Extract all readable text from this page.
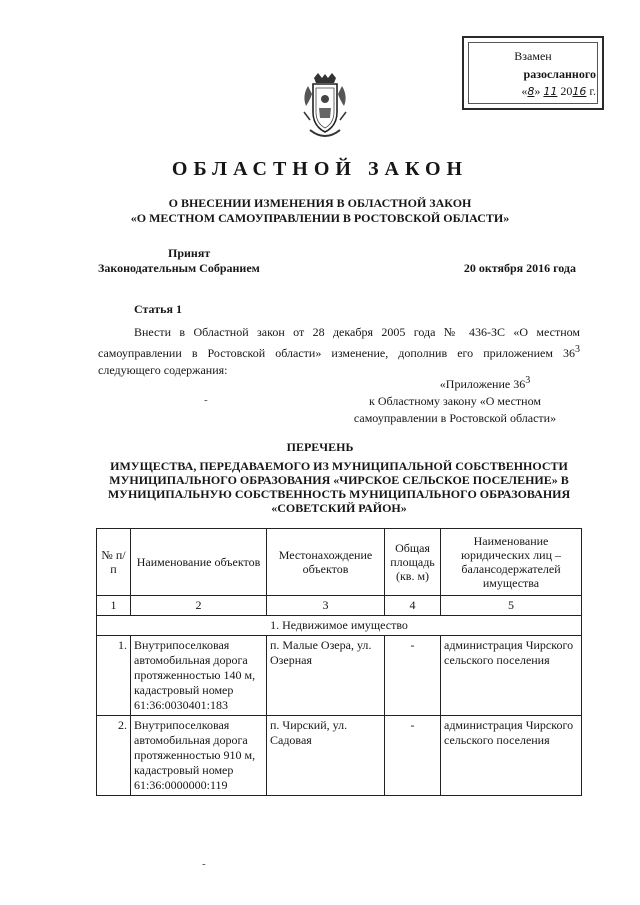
Взамен
разосланного
«8» 11 2016 г.
ОБЛАСТНОЙ ЗАКОН
О ВНЕСЕНИИ ИЗМЕНЕНИЯ В ОБЛАСТНОЙ ЗАКОН
«О МЕСТНОМ САМОУПРАВЛЕНИИ В РОСТОВСКОЙ ОБЛАСТИ»
Принят
Законодательным Собранием	20 октября 2016 года
Статья 1

Внести в Областной закон от 28 декабря 2005 года № 436-ЗС «О местном самоуправлении в Ростовской области» изменение, дополнив его приложением $36^3$ следующего содержания:

«Приложение $36^3$
к Областному закону «О местном
самоуправлении в Ростовской области»
-
ПЕРЕЧЕНЬ
ИМУЩЕСТВА, ПЕРЕДАВАЕМОГО ИЗ МУНИЦИПАЛЬНОЙ СОБСТВЕННОСТИ МУНИЦИПАЛЬНОГО ОБРАЗОВАНИЯ «ЧИРСКОЕ СЕЛЬСКОЕ ПОСЕЛЕНИЕ» В МУНИЦИПАЛЬНУЮ СОБСТВЕННОСТЬ МУНИЦИПАЛЬНОГО ОБРАЗОВАНИЯ «СОВЕТСКИЙ РАЙОН»
№ п/п	Наименование объектов	Местонахождение объектов	Общая площадь (кв. м)	Наименование юридических лиц – балансодержателей имущества
1	2	3	4	5
1. Недвижимое имущество				
1.	Внутрипоселковая автомобильная дорога протяженностью 140 м, кадастровый номер 61:36:0030401:183	п. Малые Озера, ул. Озерная	-	администрация Чирского сельского поселения
2.	Внутрипоселковая автомобильная дорога протяженностью 910 м, кадастровый номер 61:36:0000000:119	п. Чирский, ул. Садовая	-	администрация Чирского сельского поселения
-
